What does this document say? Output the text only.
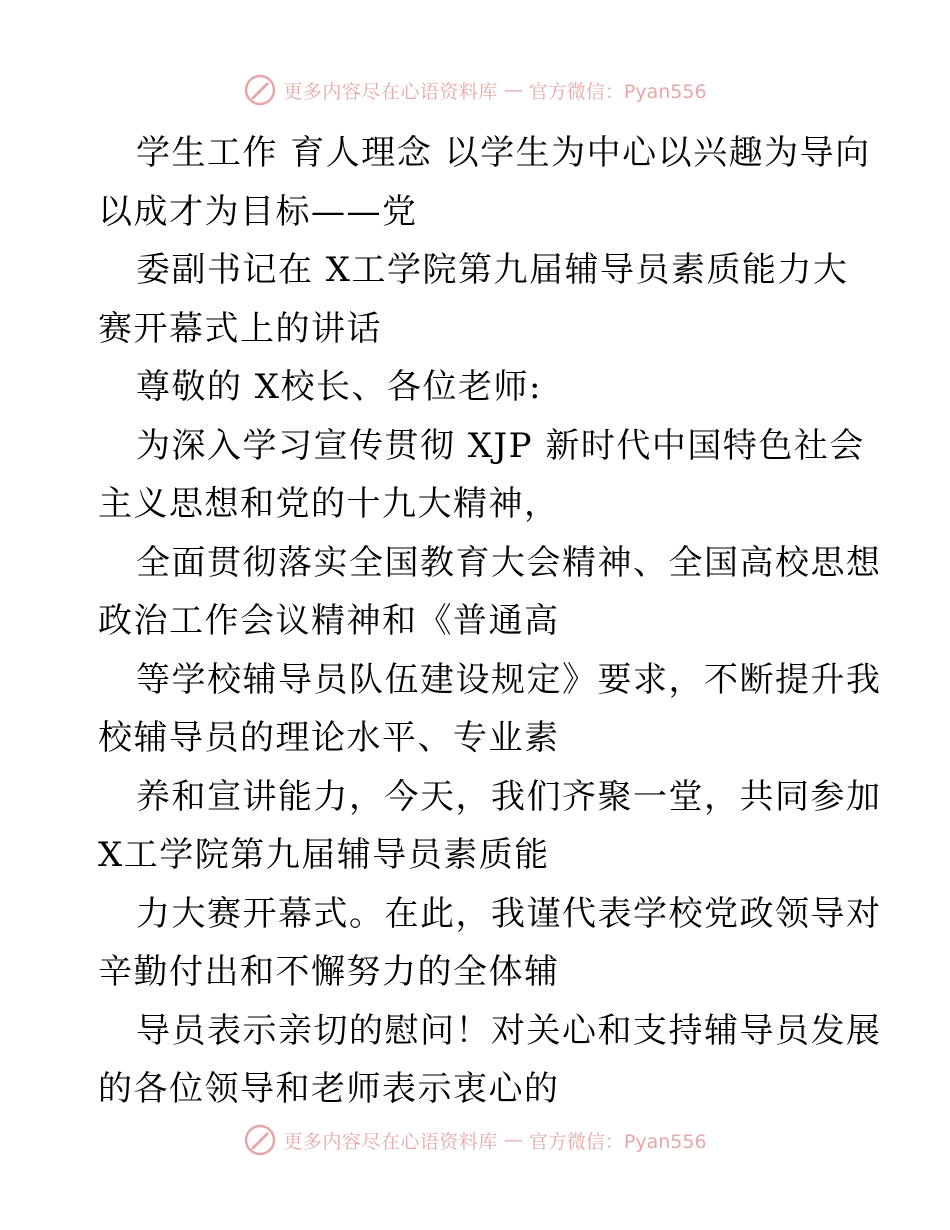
更多内容尽在心语资料库 — 官方微信：Pyan556
学生工作 育人理念 以学生为中心以兴趣为导向
以成才为目标——党
委副书记在 X工学院第九届辅导员素质能力大
赛开幕式上的讲话
尊敬的 X校长、各位老师:
为深入学习宣传贯彻 XJP 新时代中国特色社会
主义思想和党的十九大精神，
全面贯彻落实全国教育大会精神、全国高校思想
政治工作会议精神和《普通高
等学校辅导员队伍建设规定》要求，不断提升我
校辅导员的理论水平、专业素
养和宣讲能力，今天，我们齐聚一堂，共同参加
X工学院第九届辅导员素质能
力大赛开幕式。在此，我谨代表学校党政领导对
辛勤付出和不懈努力的全体辅
导员表示亲切的慰问！对关心和支持辅导员发展
的各位领导和老师表示衷心的
更多内容尽在心语资料库 — 官方微信：Pyan556
